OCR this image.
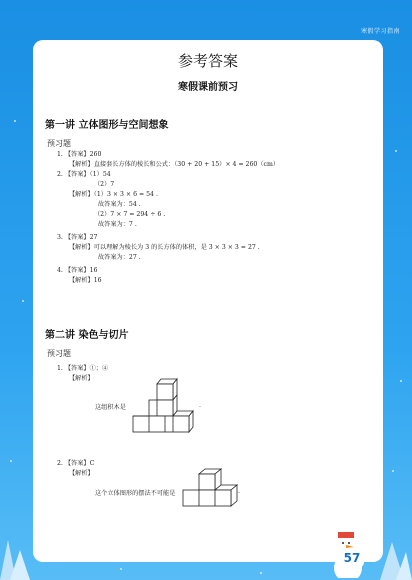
寒假学习指南
参考答案
寒假课前预习
第一讲 立体图形与空间想象
预习题
1. 【答案】260
【解析】直接套长方体的棱长和公式：（30 + 20 + 15）× 4 = 260（cm）
2. 【答案】（1）54
（2）7
【解析】（1）3 × 3 × 6 = 54 .
故答案为：54 .
（2）7 × 7 = 294 ÷ 6 .
故答案为：7 .
3. 【答案】27
【解析】可以理解为棱长为 3 的长方体的体积，是 3 × 3 × 3 = 27 .
故答案为：27 .
4. 【答案】16
【解析】16
第二讲 染色与切片
预习题
1. 【答案】①；④
【解析】
这组积木是	.
2. 【答案】C
【解析】
这个立体图形的摆法不可能是	.
57
